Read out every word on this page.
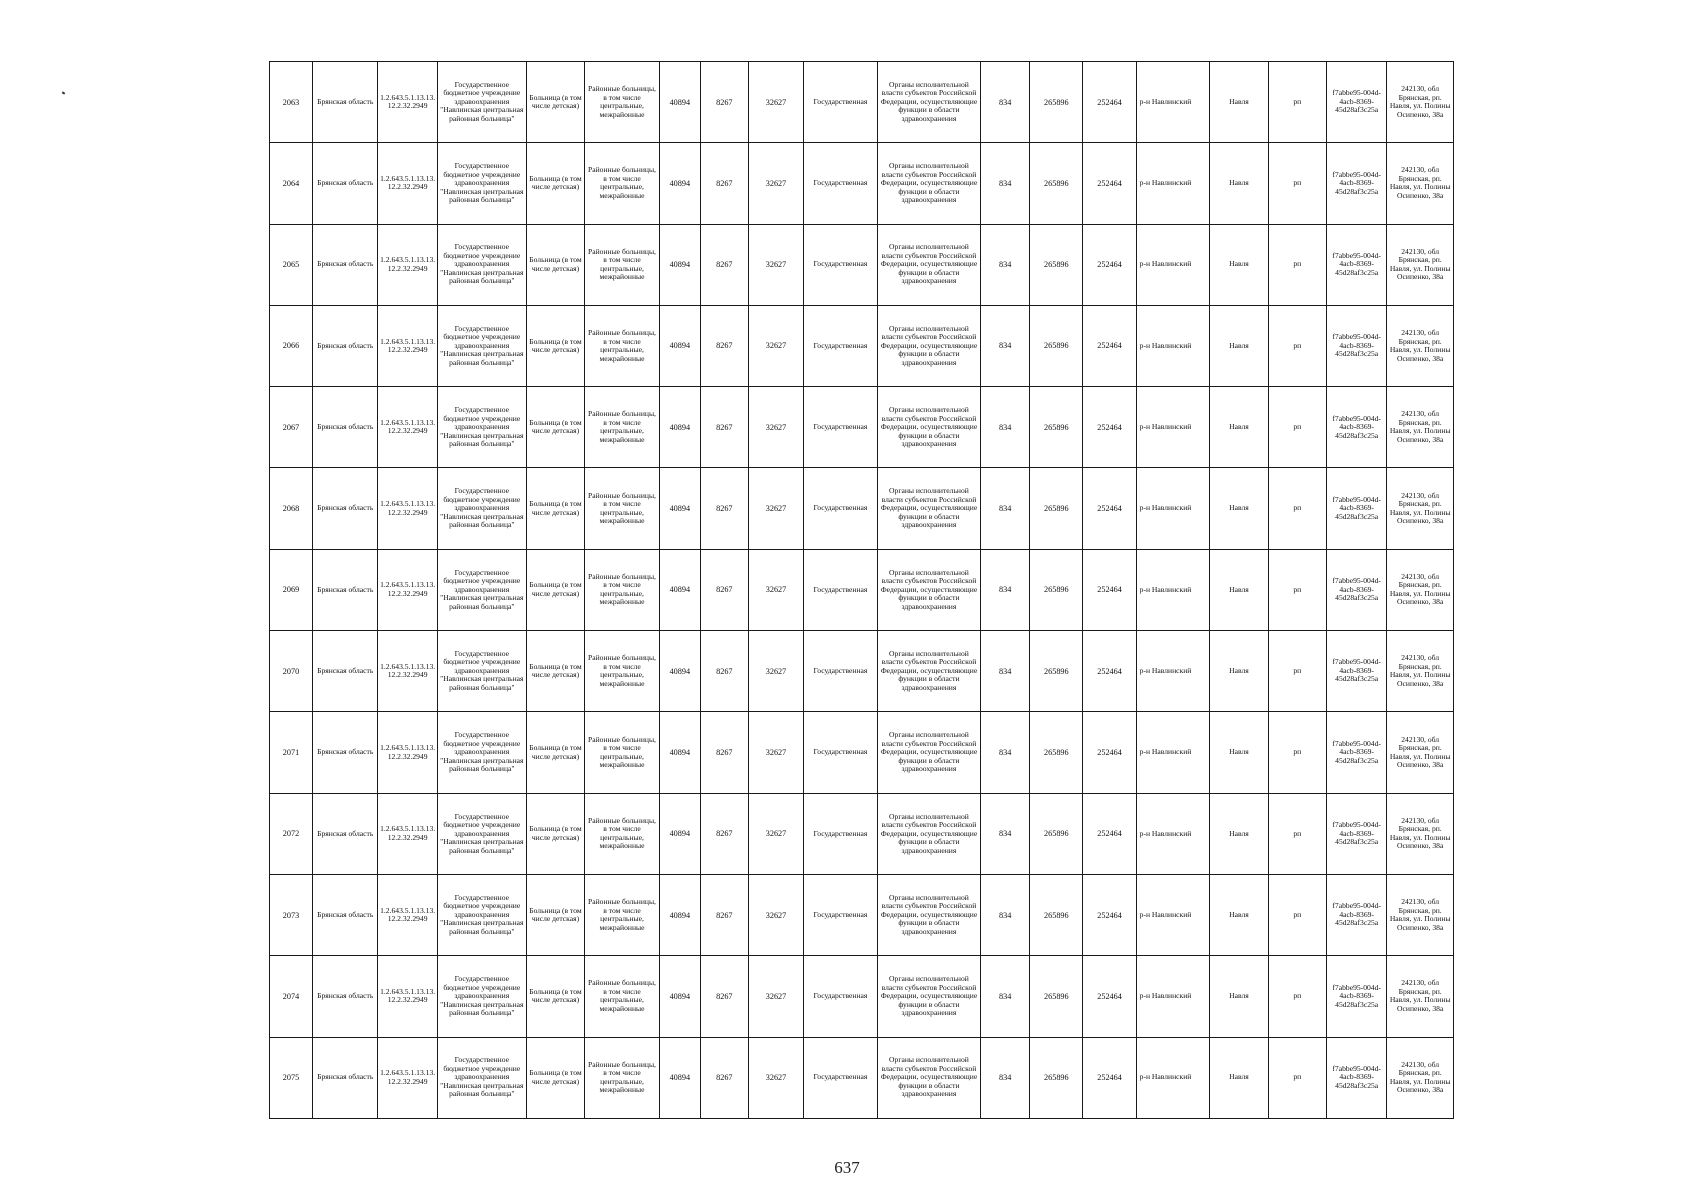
2063	Брянская область	1.2.643.5.1.13.13.12.2.32.2949	Государственное бюджетное учреждение здравоохранения "Навлинская центральная районная больница"	Больница (в том числе детская)	Районные больницы, в том числе центральные, межрайонные	40894	8267	32627	Государственная	Органы исполнительной власти субъектов Российской Федерации, осуществляющие функции в области здравоохранения	834	265896	252464	р-н Навлинский	Навля	рп	f7abbe95-004d-4acb-8369-45d28af3c25a	242130, обл Брянская, рп. Навля, ул. Полины Осипенко, 38а
2064	Брянская область	1.2.643.5.1.13.13.12.2.32.2949	Государственное бюджетное учреждение здравоохранения "Навлинская центральная районная больница"	Больница (в том числе детская)	Районные больницы, в том числе центральные, межрайонные	40894	8267	32627	Государственная	Органы исполнительной власти субъектов Российской Федерации, осуществляющие функции в области здравоохранения	834	265896	252464	р-н Навлинский	Навля	рп	f7abbe95-004d-4acb-8369-45d28af3c25a	242130, обл Брянская, рп. Навля, ул. Полины Осипенко, 38а
2065	Брянская область	1.2.643.5.1.13.13.12.2.32.2949	Государственное бюджетное учреждение здравоохранения "Навлинская центральная районная больница"	Больница (в том числе детская)	Районные больницы, в том числе центральные, межрайонные	40894	8267	32627	Государственная	Органы исполнительной власти субъектов Российской Федерации, осуществляющие функции в области здравоохранения	834	265896	252464	р-н Навлинский	Навля	рп	f7abbe95-004d-4acb-8369-45d28af3c25a	242130, обл Брянская, рп. Навля, ул. Полины Осипенко, 38а
2066	Брянская область	1.2.643.5.1.13.13.12.2.32.2949	Государственное бюджетное учреждение здравоохранения "Навлинская центральная районная больница"	Больница (в том числе детская)	Районные больницы, в том числе центральные, межрайонные	40894	8267	32627	Государственная	Органы исполнительной власти субъектов Российской Федерации, осуществляющие функции в области здравоохранения	834	265896	252464	р-н Навлинский	Навля	рп	f7abbe95-004d-4acb-8369-45d28af3c25a	242130, обл Брянская, рп. Навля, ул. Полины Осипенко, 38а
2067	Брянская область	1.2.643.5.1.13.13.12.2.32.2949	Государственное бюджетное учреждение здравоохранения "Навлинская центральная районная больница"	Больница (в том числе детская)	Районные больницы, в том числе центральные, межрайонные	40894	8267	32627	Государственная	Органы исполнительной власти субъектов Российской Федерации, осуществляющие функции в области здравоохранения	834	265896	252464	р-н Навлинский	Навля	рп	f7abbe95-004d-4acb-8369-45d28af3c25a	242130, обл Брянская, рп. Навля, ул. Полины Осипенко, 38а
2068	Брянская область	1.2.643.5.1.13.13.12.2.32.2949	Государственное бюджетное учреждение здравоохранения "Навлинская центральная районная больница"	Больница (в том числе детская)	Районные больницы, в том числе центральные, межрайонные	40894	8267	32627	Государственная	Органы исполнительной власти субъектов Российской Федерации, осуществляющие функции в области здравоохранения	834	265896	252464	р-н Навлинский	Навля	рп	f7abbe95-004d-4acb-8369-45d28af3c25a	242130, обл Брянская, рп. Навля, ул. Полины Осипенко, 38а
2069	Брянская область	1.2.643.5.1.13.13.12.2.32.2949	Государственное бюджетное учреждение здравоохранения "Навлинская центральная районная больница"	Больница (в том числе детская)	Районные больницы, в том числе центральные, межрайонные	40894	8267	32627	Государственная	Органы исполнительной власти субъектов Российской Федерации, осуществляющие функции в области здравоохранения	834	265896	252464	р-н Навлинский	Навля	рп	f7abbe95-004d-4acb-8369-45d28af3c25a	242130, обл Брянская, рп. Навля, ул. Полины Осипенко, 38а
2070	Брянская область	1.2.643.5.1.13.13.12.2.32.2949	Государственное бюджетное учреждение здравоохранения "Навлинская центральная районная больница"	Больница (в том числе детская)	Районные больницы, в том числе центральные, межрайонные	40894	8267	32627	Государственная	Органы исполнительной власти субъектов Российской Федерации, осуществляющие функции в области здравоохранения	834	265896	252464	р-н Навлинский	Навля	рп	f7abbe95-004d-4acb-8369-45d28af3c25a	242130, обл Брянская, рп. Навля, ул. Полины Осипенко, 38а
2071	Брянская область	1.2.643.5.1.13.13.12.2.32.2949	Государственное бюджетное учреждение здравоохранения "Навлинская центральная районная больница"	Больница (в том числе детская)	Районные больницы, в том числе центральные, межрайонные	40894	8267	32627	Государственная	Органы исполнительной власти субъектов Российской Федерации, осуществляющие функции в области здравоохранения	834	265896	252464	р-н Навлинский	Навля	рп	f7abbe95-004d-4acb-8369-45d28af3c25a	242130, обл Брянская, рп. Навля, ул. Полины Осипенко, 38а
2072	Брянская область	1.2.643.5.1.13.13.12.2.32.2949	Государственное бюджетное учреждение здравоохранения "Навлинская центральная районная больница"	Больница (в том числе детская)	Районные больницы, в том числе центральные, межрайонные	40894	8267	32627	Государственная	Органы исполнительной власти субъектов Российской Федерации, осуществляющие функции в области здравоохранения	834	265896	252464	р-н Навлинский	Навля	рп	f7abbe95-004d-4acb-8369-45d28af3c25a	242130, обл Брянская, рп. Навля, ул. Полины Осипенко, 38а
2073	Брянская область	1.2.643.5.1.13.13.12.2.32.2949	Государственное бюджетное учреждение здравоохранения "Навлинская центральная районная больница"	Больница (в том числе детская)	Районные больницы, в том числе центральные, межрайонные	40894	8267	32627	Государственная	Органы исполнительной власти субъектов Российской Федерации, осуществляющие функции в области здравоохранения	834	265896	252464	р-н Навлинский	Навля	рп	f7abbe95-004d-4acb-8369-45d28af3c25a	242130, обл Брянская, рп. Навля, ул. Полины Осипенко, 38а
2074	Брянская область	1.2.643.5.1.13.13.12.2.32.2949	Государственное бюджетное учреждение здравоохранения "Навлинская центральная районная больница"	Больница (в том числе детская)	Районные больницы, в том числе центральные, межрайонные	40894	8267	32627	Государственная	Органы исполнительной власти субъектов Российской Федерации, осуществляющие функции в области здравоохранения	834	265896	252464	р-н Навлинский	Навля	рп	f7abbe95-004d-4acb-8369-45d28af3c25a	242130, обл Брянская, рп. Навля, ул. Полины Осипенко, 38а
2075	Брянская область	1.2.643.5.1.13.13.12.2.32.2949	Государственное бюджетное учреждение здравоохранения "Навлинская центральная районная больница"	Больница (в том числе детская)	Районные больницы, в том числе центральные, межрайонные	40894	8267	32627	Государственная	Органы исполнительной власти субъектов Российской Федерации, осуществляющие функции в области здравоохранения	834	265896	252464	р-н Навлинский	Навля	рп	f7abbe95-004d-4acb-8369-45d28af3c25a	242130, обл Брянская, рп. Навля, ул. Полины Осипенко, 38а
637
